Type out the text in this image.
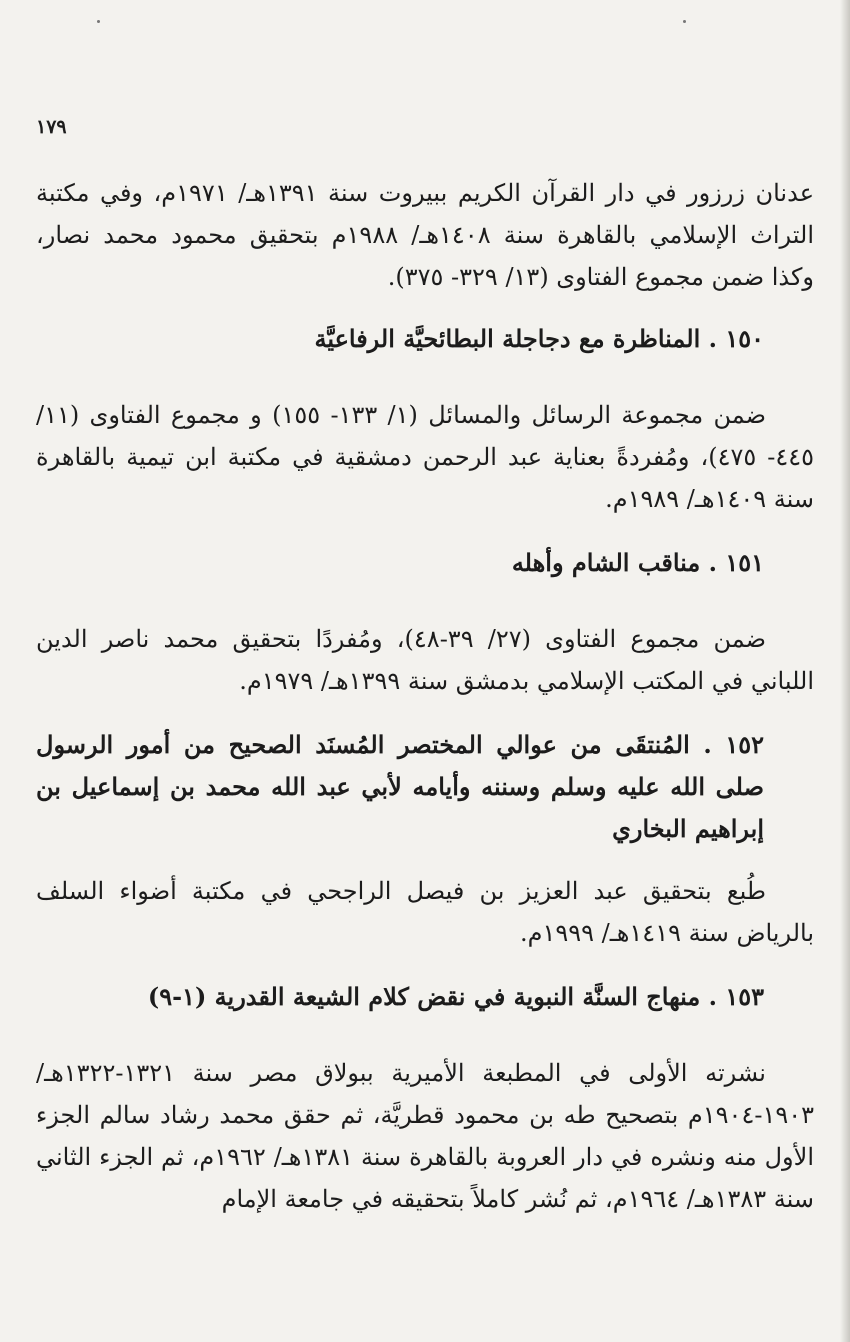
١٧٩

عدنان زرزور في دار القرآن الكريم ببيروت سنة ١٣٩١هـ/ ١٩٧١م، وفي مكتبة التراث الإسلامي بالقاهرة سنة ١٤٠٨هـ/ ١٩٨٨م بتحقيق محمود محمد نصار، وكذا ضمن مجموع الفتاوى (١٣/ ٣٢٩- ٣٧٥).

١٥٠ . المناظرة مع دجاجلة البطائحيَّة الرفاعيَّة

ضمن مجموعة الرسائل والمسائل (١/ ١٣٣- ١٥٥) و مجموع الفتاوى (١١/ ٤٤٥- ٤٧٥)، ومُفردةً بعناية عبد الرحمن دمشقية في مكتبة ابن تيمية بالقاهرة سنة ١٤٠٩هـ/ ١٩٨٩م.

١٥١ . مناقب الشام وأهله

ضمن مجموع الفتاوى (٢٧/ ٣٩-٤٨)، ومُفردًا بتحقيق محمد ناصر الدين اللباني في المكتب الإسلامي بدمشق سنة ١٣٩٩هـ/ ١٩٧٩م.

١٥٢ . المُنتقَى من عوالي المختصر المُسنَد الصحيح من أمور الرسول صلى الله عليه وسلم وسننه وأيامه لأبي عبد الله محمد بن إسماعيل بن إبراهيم البخاري

طُبع بتحقيق عبد العزيز بن فيصل الراجحي في مكتبة أضواء السلف بالرياض سنة ١٤١٩هـ/ ١٩٩٩م.

١٥٣ . منهاج السنَّة النبوية في نقض كلام الشيعة القدرية (١-٩)

نشرته الأولى في المطبعة الأميرية ببولاق مصر سنة ١٣٢١-١٣٢٢هـ/ ١٩٠٣-١٩٠٤م بتصحيح طه بن محمود قطريَّة، ثم حقق محمد رشاد سالم الجزء الأول منه ونشره في دار العروبة بالقاهرة سنة ١٣٨١هـ/ ١٩٦٢م، ثم الجزء الثاني سنة ١٣٨٣هـ/ ١٩٦٤م، ثم نُشر كاملاً بتحقيقه في جامعة الإمام
